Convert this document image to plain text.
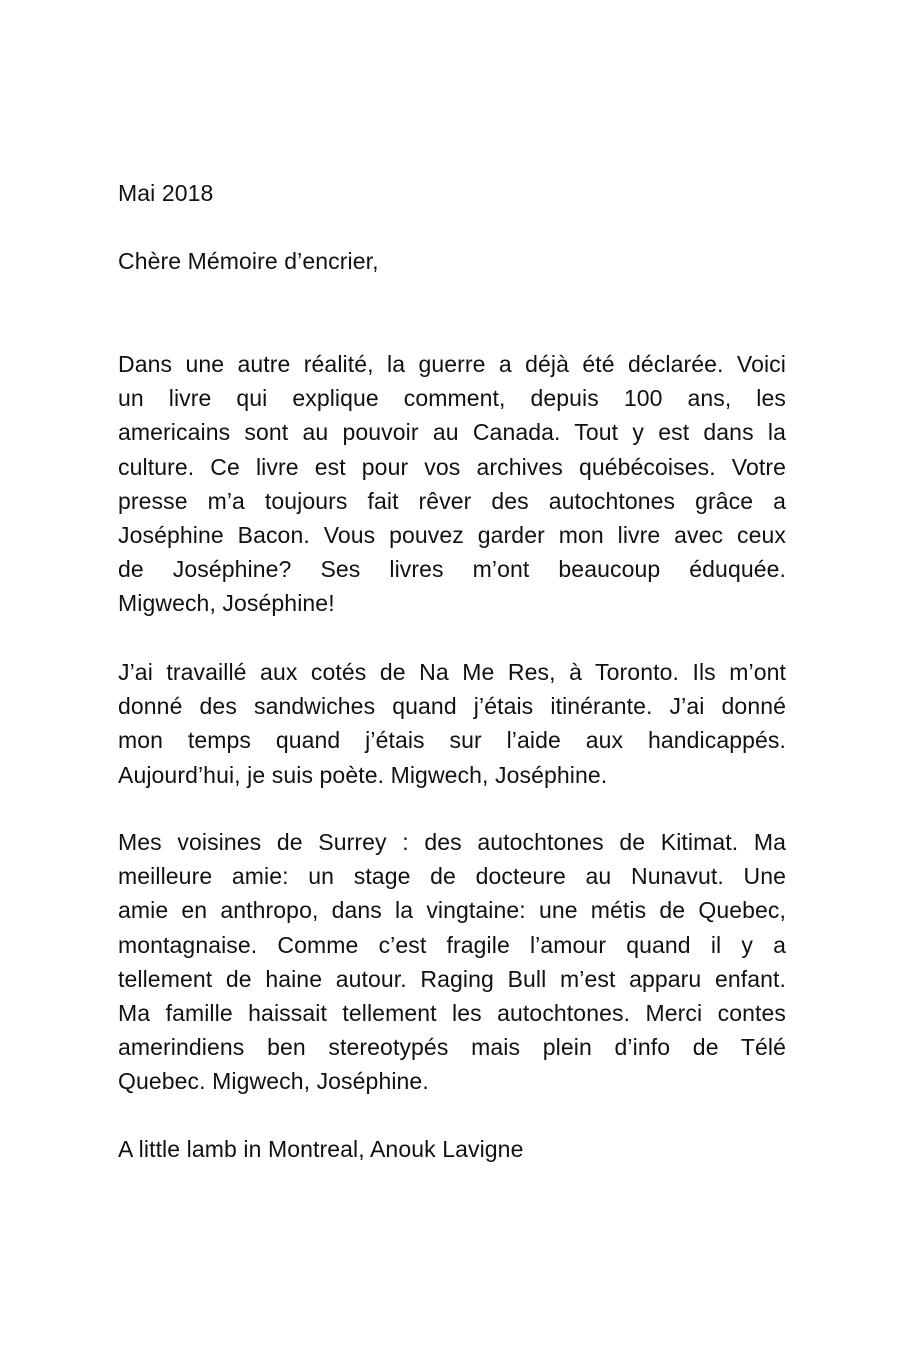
Mai 2018
Chère Mémoire d’encrier,
Dans une autre réalité, la guerre a déjà été déclarée. Voici
un livre qui explique comment, depuis 100 ans, les
americains sont au pouvoir au Canada. Tout y est dans la
culture. Ce livre est pour vos archives québécoises. Votre
presse m’a toujours fait rêver des autochtones grâce a
Joséphine Bacon. Vous pouvez garder mon livre avec ceux
de Joséphine? Ses livres m’ont beaucoup éduquée.
Migwech, Joséphine!
J’ai travaillé aux cotés de Na Me Res, à Toronto. Ils m’ont
donné des sandwiches quand j’étais itinérante. J’ai donné
mon temps quand j’étais sur l’aide aux handicappés.
Aujourd’hui, je suis poète. Migwech, Joséphine.
Mes voisines de Surrey : des autochtones de Kitimat. Ma
meilleure amie: un stage de docteure au Nunavut. Une
amie en anthropo, dans la vingtaine: une métis de Quebec,
montagnaise. Comme c’est fragile l’amour quand il y a
tellement de haine autour. Raging Bull m’est apparu enfant.
Ma famille haissait tellement les autochtones. Merci contes
amerindiens ben stereotypés mais plein d’info de Télé
Quebec. Migwech, Joséphine.
A little lamb in Montreal, Anouk Lavigne
